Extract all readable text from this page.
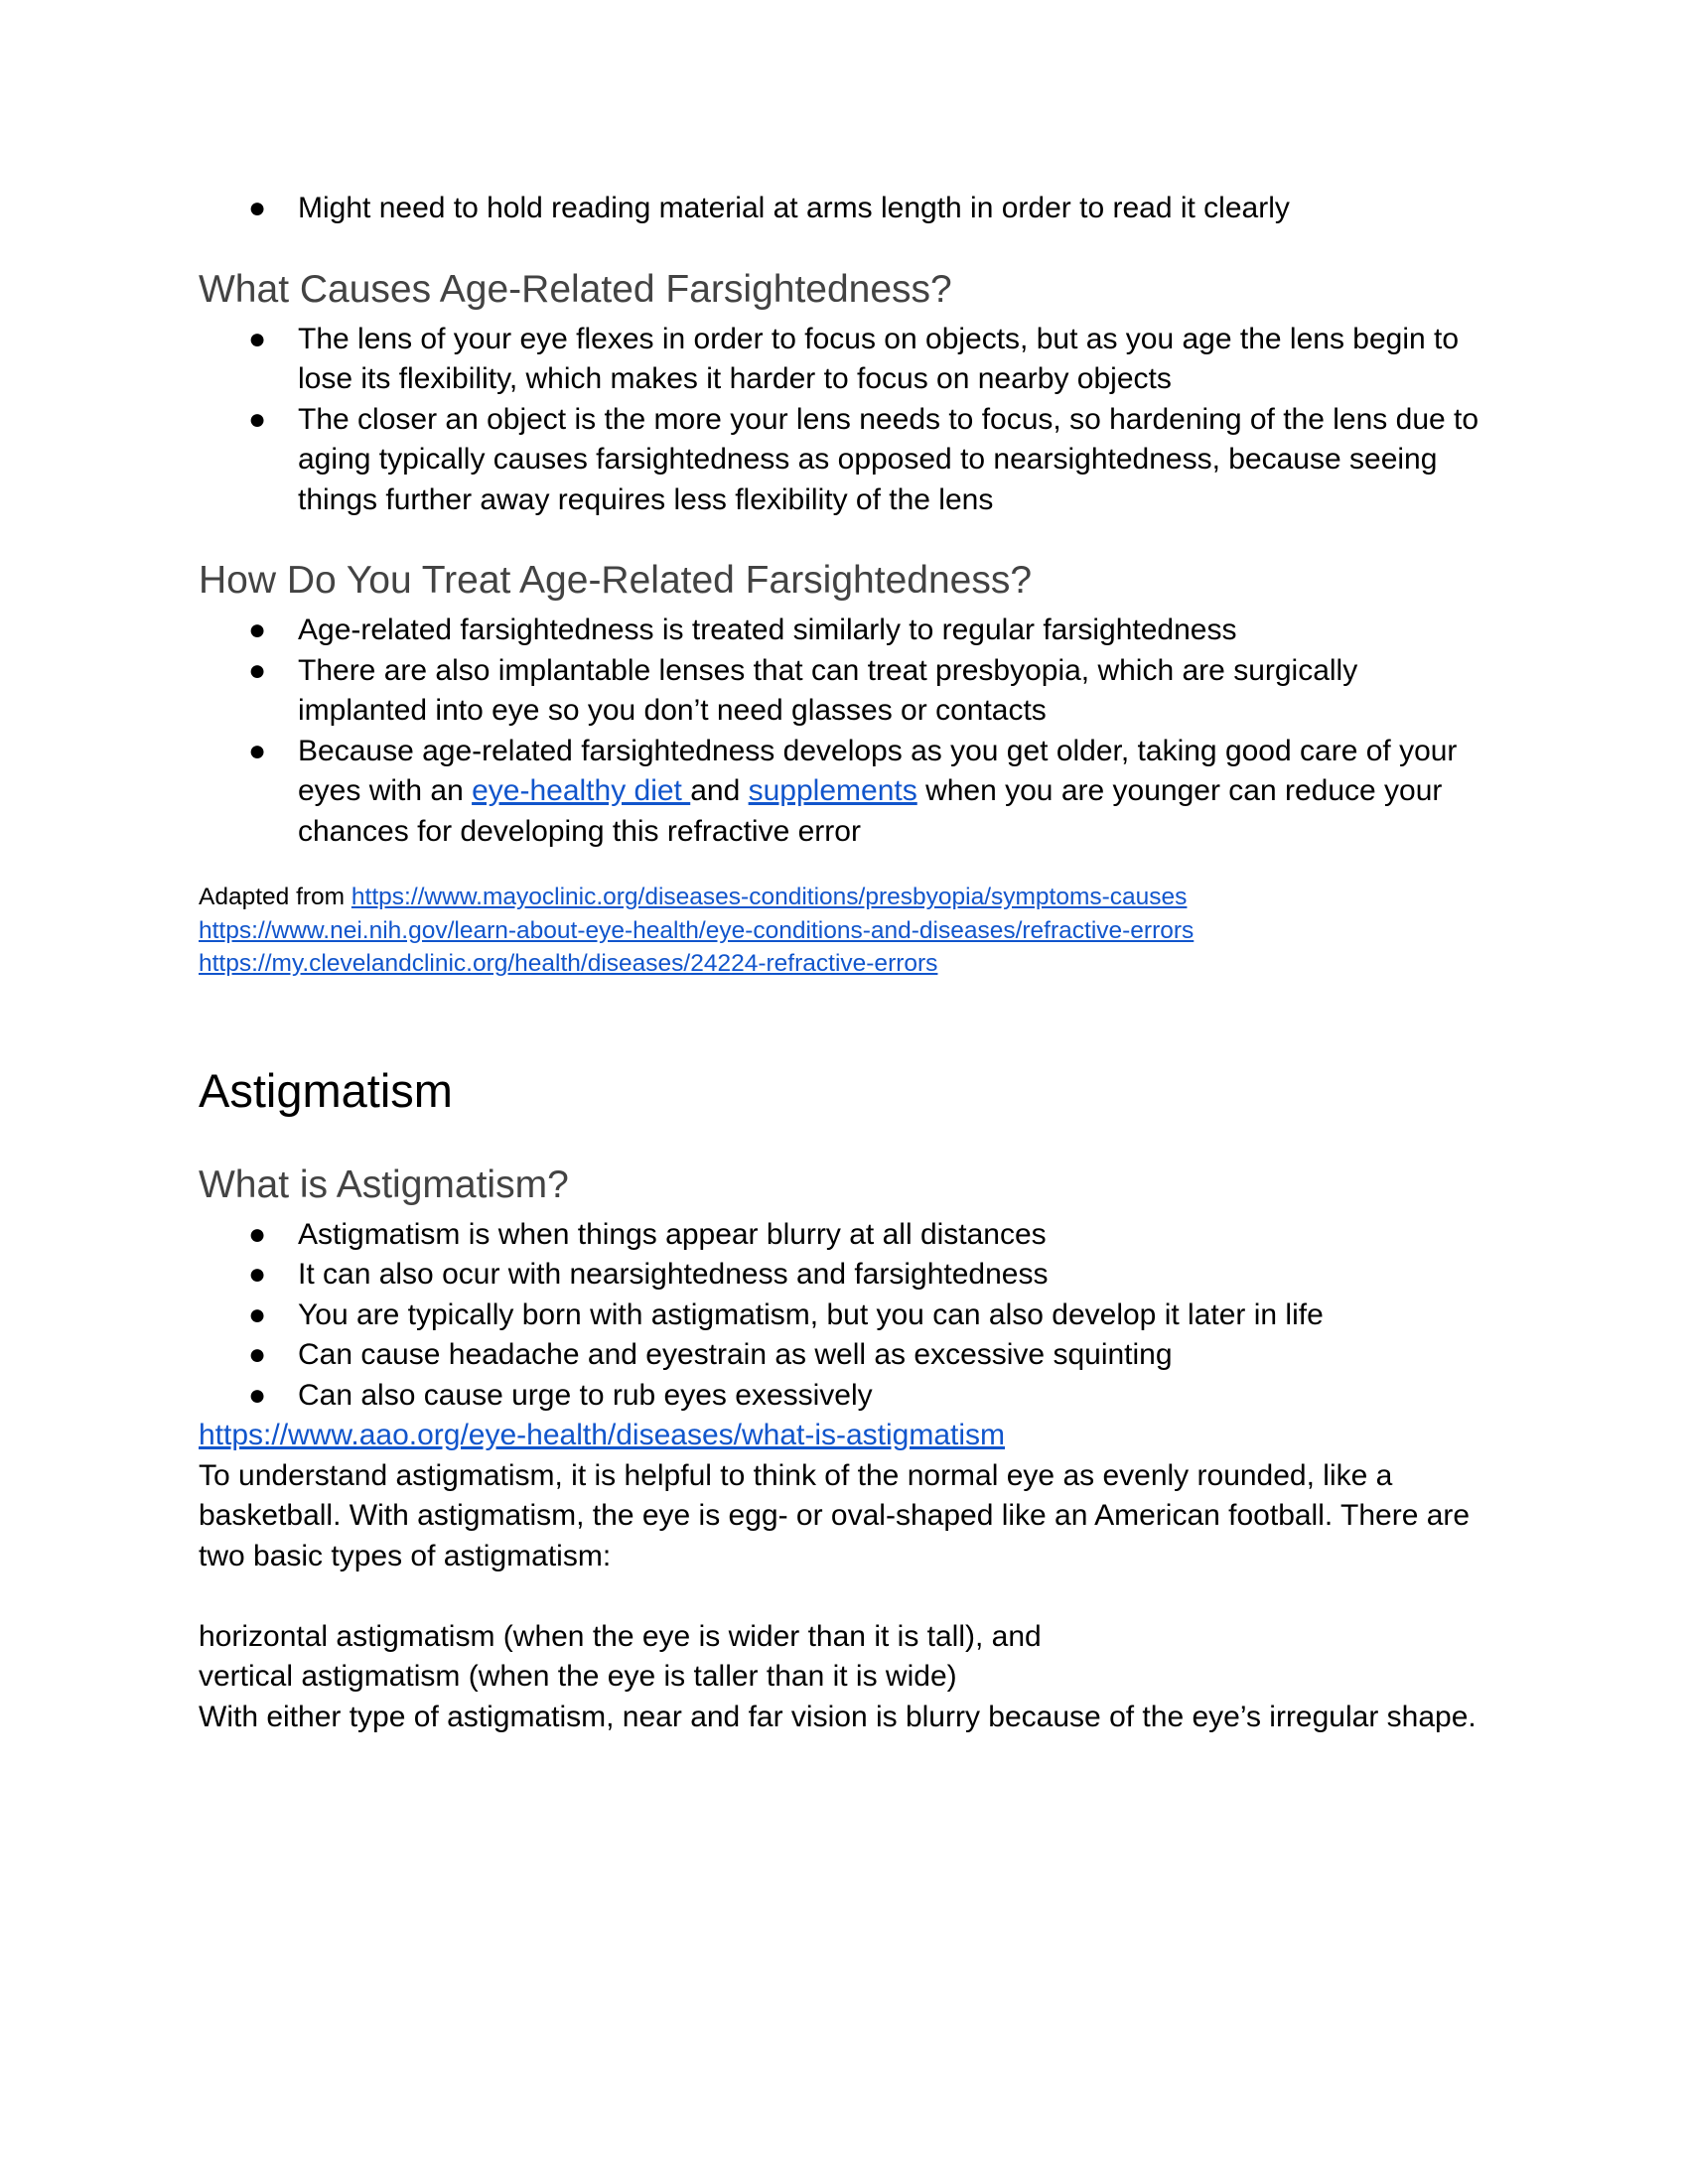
●	Might need to hold reading material at arms length in order to read it clearly
What Causes Age-Related Farsightedness?
●	The lens of your eye flexes in order to focus on objects, but as you age the lens begin to lose its flexibility, which makes it harder to focus on nearby objects
●	The closer an object is the more your lens needs to focus, so hardening of the lens due to aging typically causes farsightedness as opposed to nearsightedness, because seeing things further away requires less flexibility of the lens
How Do You Treat Age-Related Farsightedness?
●	Age-related farsightedness is treated similarly to regular farsightedness
●	There are also implantable lenses that can treat presbyopia, which are surgically implanted into eye so you don’t need glasses or contacts
●	Because age-related farsightedness develops as you get older, taking good care of your eyes with an eye-healthy diet and supplements when you are younger can reduce your chances for developing this refractive error
Adapted from https://www.mayoclinic.org/diseases-conditions/presbyopia/symptoms-causes
https://www.nei.nih.gov/learn-about-eye-health/eye-conditions-and-diseases/refractive-errors
https://my.clevelandclinic.org/health/diseases/24224-refractive-errors
Astigmatism
What is Astigmatism?
●	Astigmatism is when things appear blurry at all distances
●	It can also ocur with nearsightedness and farsightedness
●	You are typically born with astigmatism, but you can also develop it later in life
●	Can cause headache and eyestrain as well as excessive squinting
●	Can also cause urge to rub eyes exessively

https://www.aao.org/eye-health/diseases/what-is-astigmatism

To understand astigmatism, it is helpful to think of the normal eye as evenly rounded, like a basketball. With astigmatism, the eye is egg- or oval-shaped like an American football. There are two basic types of astigmatism:

horizontal astigmatism (when the eye is wider than it is tall), and

vertical astigmatism (when the eye is taller than it is wide)

With either type of astigmatism, near and far vision is blurry because of the eye’s irregular shape.
